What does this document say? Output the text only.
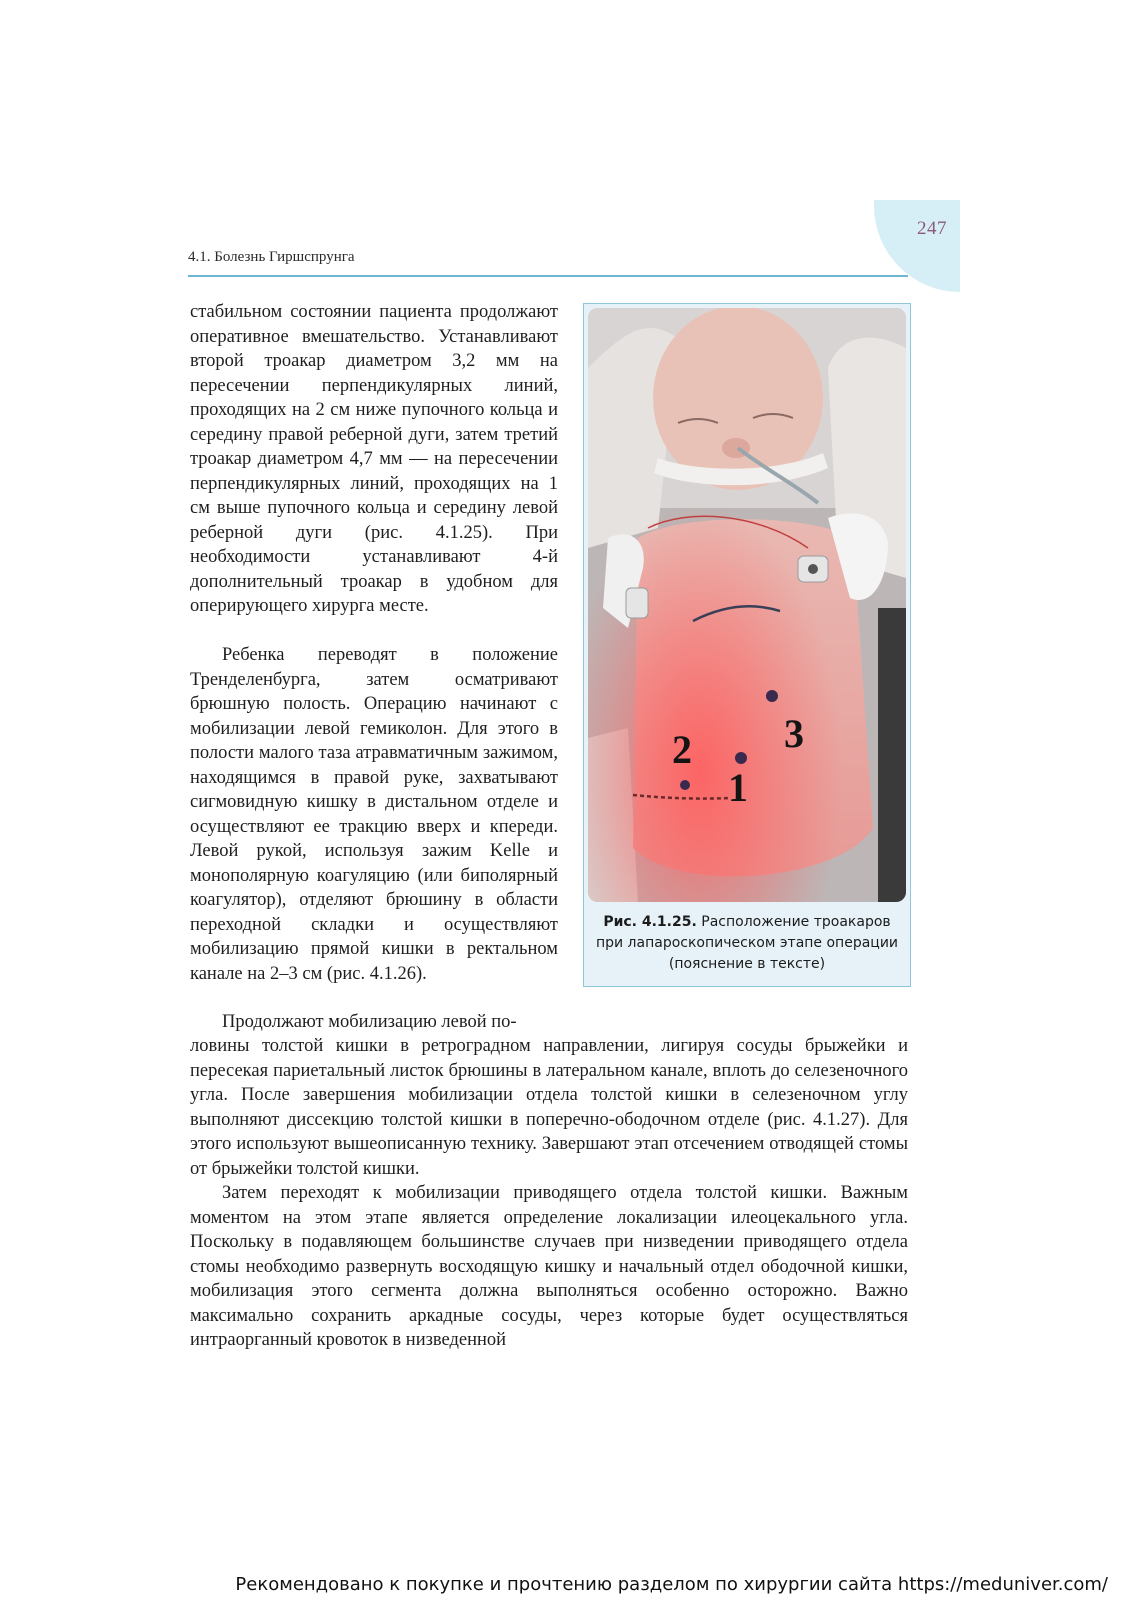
247
4.1. Болезнь Гиршспрунга

стабильном состоянии пациента продолжают оперативное вмешательство. Устанавливают второй троакар диаметром 3,2 мм на пересечении перпендикулярных линий, проходящих на 2 см ниже пупочного кольца и середину правой реберной дуги, затем третий троакар диаметром 4,7 мм — на пересечении перпендикулярных линий, проходящих на 1 см выше пупочного кольца и середину левой реберной дуги (рис. 4.1.25). При необходимости устанавливают 4-й дополнительный троакар в удобном для оперирующего хирурга месте.

Ребенка переводят в положение Тренделенбурга, затем осматривают брюшную полость. Операцию начинают с мобилизации левой гемиколон. Для этого в полости малого таза атравматичным зажимом, находящимся в правой руке, захватывают сигмовидную кишку в дистальном отделе и осуществляют ее тракцию вверх и кпереди. Левой рукой, используя зажим Kelle и монополярную коагуляцию (или биполярный коагулятор), отделяют брюшину в области переходной складки и осуществляют мобилизацию прямой кишки в ректальном канале на 2–3 см (рис. 4.1.26).

Продолжают мобилизацию левой по-

ловины толстой кишки в ретроградном направлении, лигируя сосуды брыжейки и пересекая париетальный листок брюшины в латеральном канале, вплоть до селезеночного угла. После завершения мобилизации отдела толстой кишки в селезеночном углу выполняют диссекцию толстой кишки в поперечно-ободочном отделе (рис. 4.1.27). Для этого используют вышеописанную технику. Завершают этап отсечением отводящей стомы от брыжейки толстой кишки.

Затем переходят к мобилизации приводящего отдела толстой кишки. Важным моментом на этом этапе является определение локализации илеоцекального угла. Поскольку в подавляющем большинстве случаев при низведении приводящего отдела стомы необходимо развернуть восходящую кишку и начальный отдел ободочной кишки, мобилизация этого сегмента должна выполняться особенно осторожно. Важно максимально сохранить аркадные сосуды, через которые будет осуществляться интраорганный кровоток в низведенной

2 3
1
Рис. 4.1.25. Расположение троакаров при лапароскопическом этапе операции (пояснение в тексте)
Рекомендовано к покупке и прочтению разделом по хирургии сайта https://meduniver.com/
